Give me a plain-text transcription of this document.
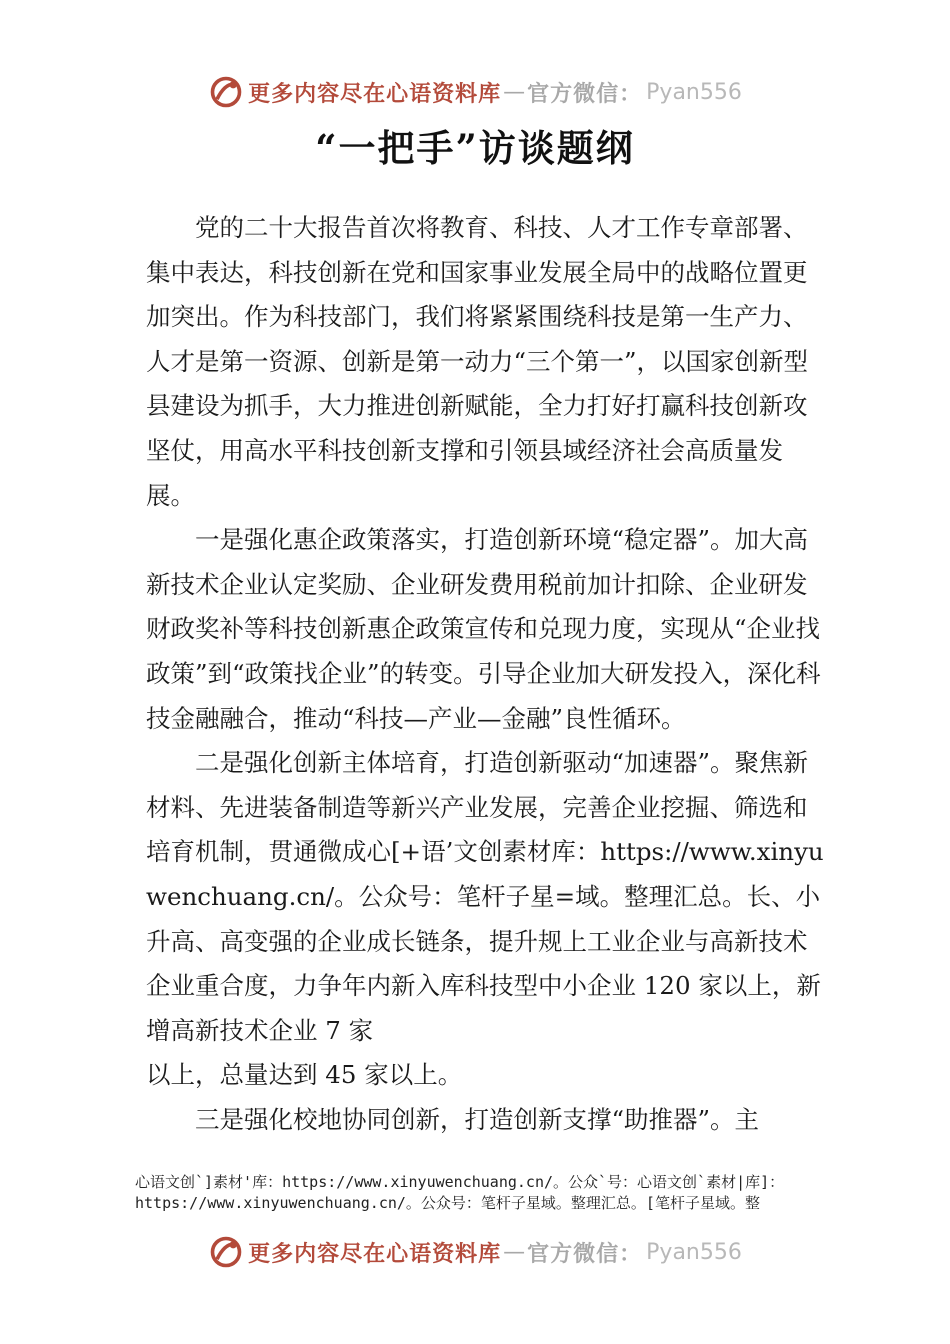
更多内容尽在心语资料库 — 官方微信： Pyan556
“一把手”访谈题纲
党的二十大报告首次将教育、科技、人才工作专章部署、集中表达，科技创新在党和国家事业发展全局中的战略位置更加突出。作为科技部门，我们将紧紧围绕科技是第一生产力、人才是第一资源、创新是第一动力“三个第一”，以国家创新型县建设为抓手，大力推进创新赋能，全力打好打赢科技创新攻坚仗，用高水平科技创新支撑和引领县域经济社会高质量发展。
一是强化惠企政策落实，打造创新环境“稳定器”。加大高新技术企业认定奖励、企业研发费用税前加计扣除、企业研发财政奖补等科技创新惠企政策宣传和兑现力度，实现从“企业找政策”到“政策找企业”的转变。引导企业加大研发投入，深化科技金融融合，推动“科技—产业—金融”良性循环。
二是强化创新主体培育，打造创新驱动“加速器”。聚焦新材料、先进装备制造等新兴产业发展，完善企业挖掘、筛选和培育机制，贯通微成心[+语’文创素材库：https://www.xinyuwenchuang.cn/。公众号：笔杆子星=域。整理汇总。长、小升高、高变强的企业成长链条，提升规上工业企业与高新技术企业重合度，力争年内新入库科技型中小企业 120 家以上，新增高新技术企业 7 家
以上，总量达到 45 家以上。
三是强化校地协同创新，打造创新支撑“助推器”。主
心语文创`]素材'库：https://www.xinyuwenchuang.cn/。公众`号：心语文创`素材|库]：
https://www.xinyuwenchuang.cn/。公众号：笔杆子星域。整理汇总。[笔杆子星域。整
更多内容尽在心语资料库 — 官方微信： Pyan556
